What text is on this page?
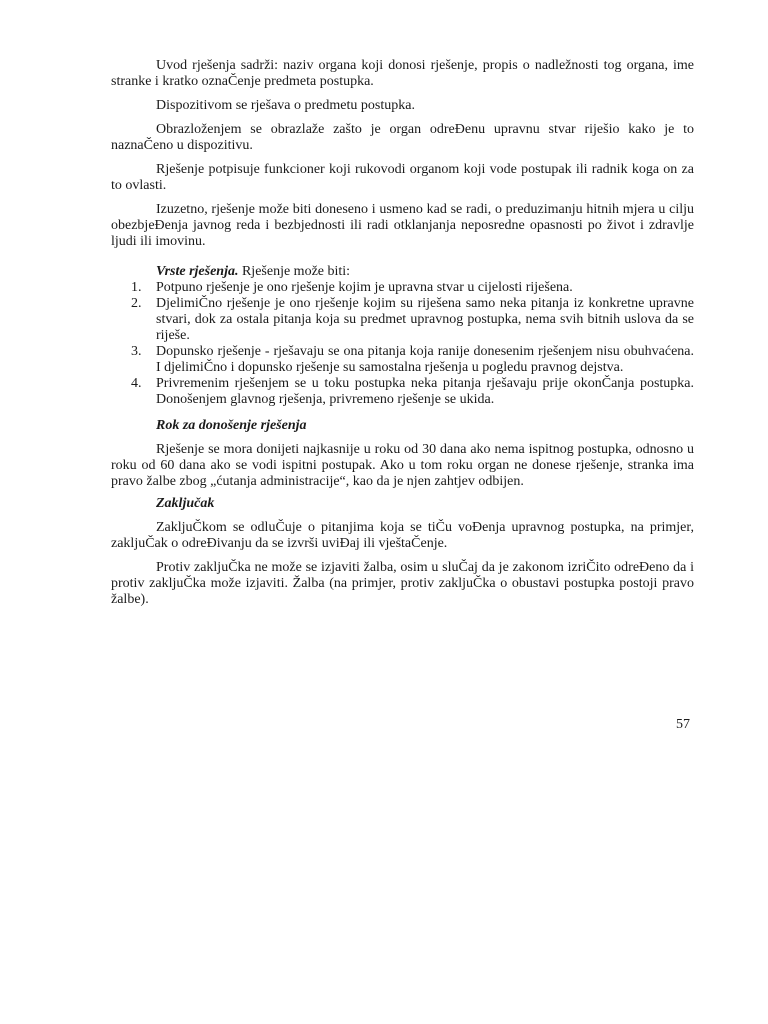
Uvod rješenja sadrži: naziv organa koji donosi rješenje, propis o nadležnosti tog organa, ime stranke i kratko oznaČenje predmeta postupka.

Dispozitivom se rješava o predmetu postupka.

Obrazloženjem se obrazlaže zašto je organ odreĐenu upravnu stvar riješio kako je to naznaČeno u dispozitivu.

Rješenje potpisuje funkcioner koji rukovodi organom koji vode postupak ili radnik koga on za to ovlasti.

Izuzetno, rješenje može biti doneseno i usmeno kad se radi, o preduzimanju hitnih mjera u cilju obezbjeĐenja javnog reda i bezbjednosti ili radi otklanjanja neposredne opasnosti po život i zdravlje ljudi ili imovinu.

Vrste rješenja. Rješenje može biti:

1. Potpuno rješenje je ono rješenje kojim je upravna stvar u cijelosti riješena.
2. DjelimiČno rješenje je ono rješenje kojim su riješena samo neka pitanja iz konkretne upravne stvari, dok za ostala pitanja koja su predmet upravnog postupka, nema svih bitnih uslova da se riješe.
3. Dopunsko rješenje - rješavaju se ona pitanja koja ranije donesenim rješenjem nisu obuhvaćena. I djelimiČno i dopunsko rješenje su samostalna rješenja u pogledu pravnog dejstva.
4. Privremenim rješenjem se u toku postupka neka pitanja rješavaju prije okonČanja postupka. Donošenjem glavnog rješenja, privremeno rješenje se ukida.

Rok za donošenje rješenja

Rješenje se mora donijeti najkasnije u roku od 30 dana ako nema ispitnog postupka, odnosno u roku od 60 dana ako se vodi ispitni postupak. Ako u tom roku organ ne donese rješenje, stranka ima pravo žalbe zbog „ćutanja administracije“, kao da je njen zahtjev odbijen.

Zaključak

ZakljuČkom se odluČuje o pitanjima koja se tiČu voĐenja upravnog postupka, na primjer, zakljuČak o odreĐivanju da se izvrši uviĐaj ili vještaČenje.

Protiv zakljuČka ne može se izjaviti žalba, osim u sluČaj da je zakonom izriČito odreĐeno da i protiv zakljuČka može izjaviti. Žalba (na primjer, protiv zakljuČka o obustavi postupka postoji pravo žalbe).

57
